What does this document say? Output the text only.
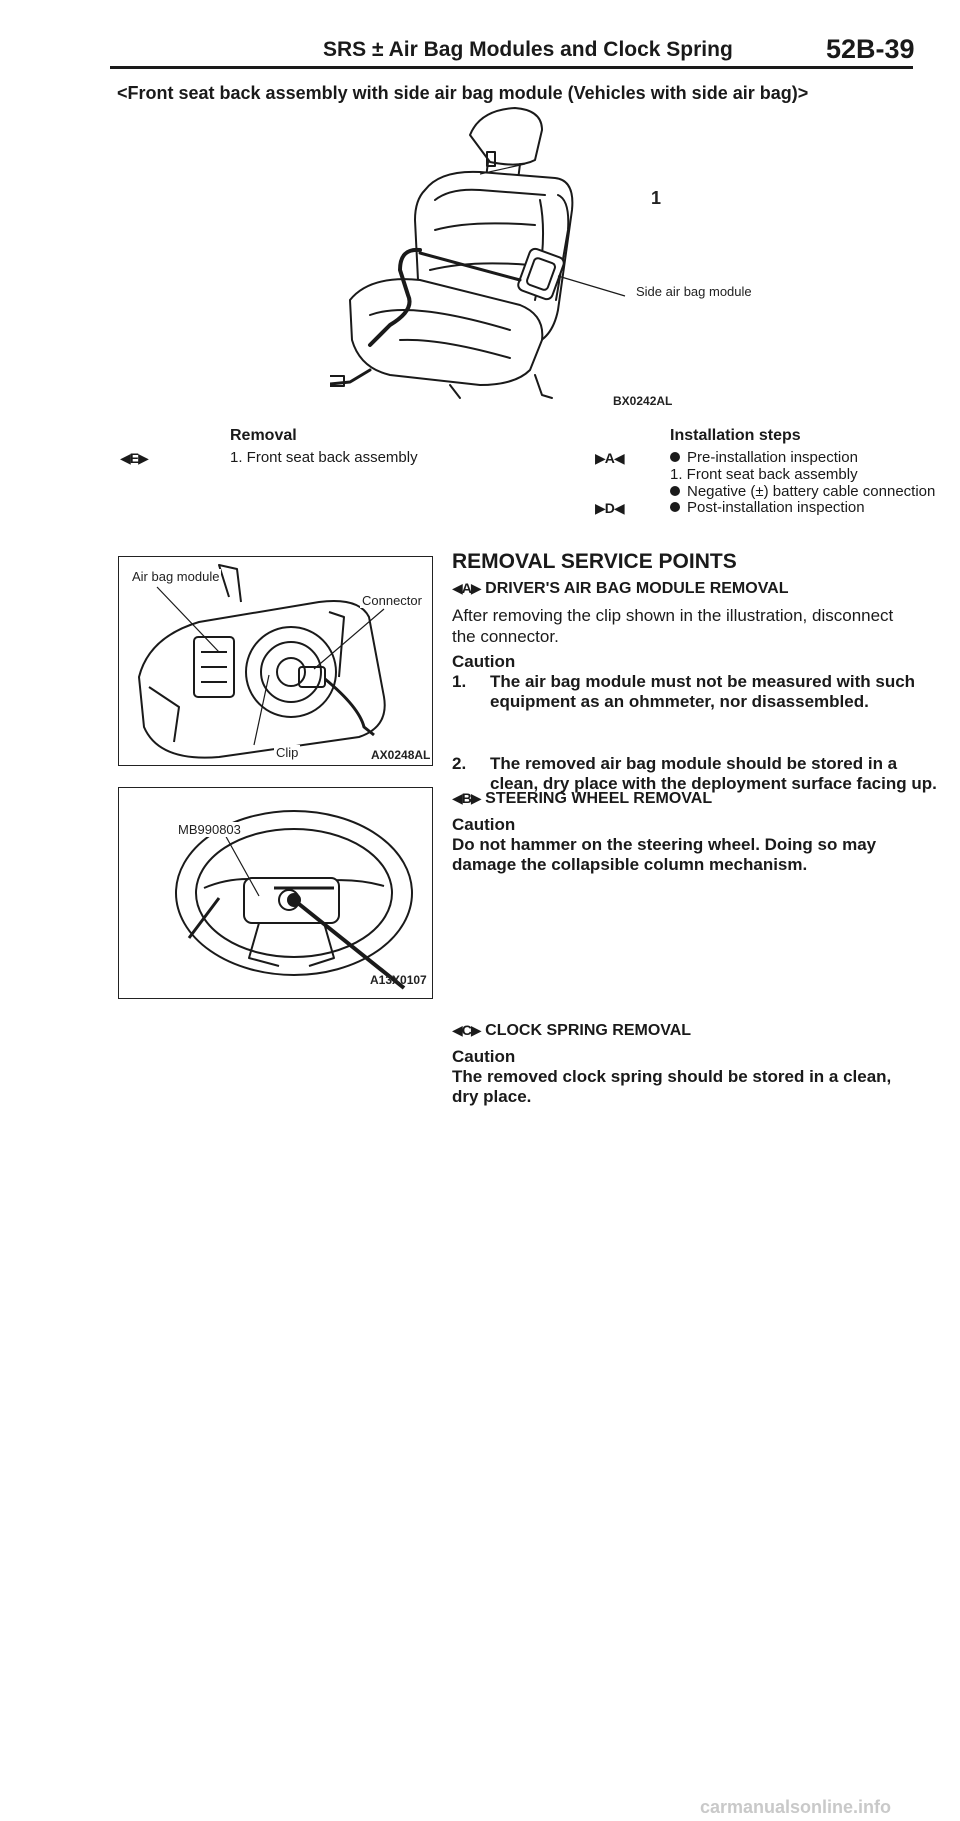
SRS ± Air Bag Modules and Clock Spring	52B-39
<Front seat back assembly with side air bag module (Vehicles with side air bag)>
1
Side air bag module
BX0242AL
Removal
◀E▶	1. Front seat back assembly
Installation steps
▶A◀	Pre-installation inspection
1. Front seat back assembly
Negative (±) battery cable connection
▶D◀	Post-installation inspection
Air bag module
Connector
Clip	AX0248AL
MB990803
A13X0107
REMOVAL SERVICE POINTS
◀A▶ DRIVER'S AIR BAG MODULE REMOVAL
After removing the clip shown in the illustration, disconnect the connector.
Caution
1. The air bag module must not be measured with such equipment as an ohmmeter, nor disassembled.
2. The removed air bag module should be stored in a clean, dry place with the deployment surface facing up.
◀B▶ STEERING WHEEL REMOVAL
Caution
Do not hammer on the steering wheel. Doing so may damage the collapsible column mechanism.
◀C▶ CLOCK SPRING REMOVAL
Caution
The removed clock spring should be stored in a clean, dry place.
carmanualsonline.info
